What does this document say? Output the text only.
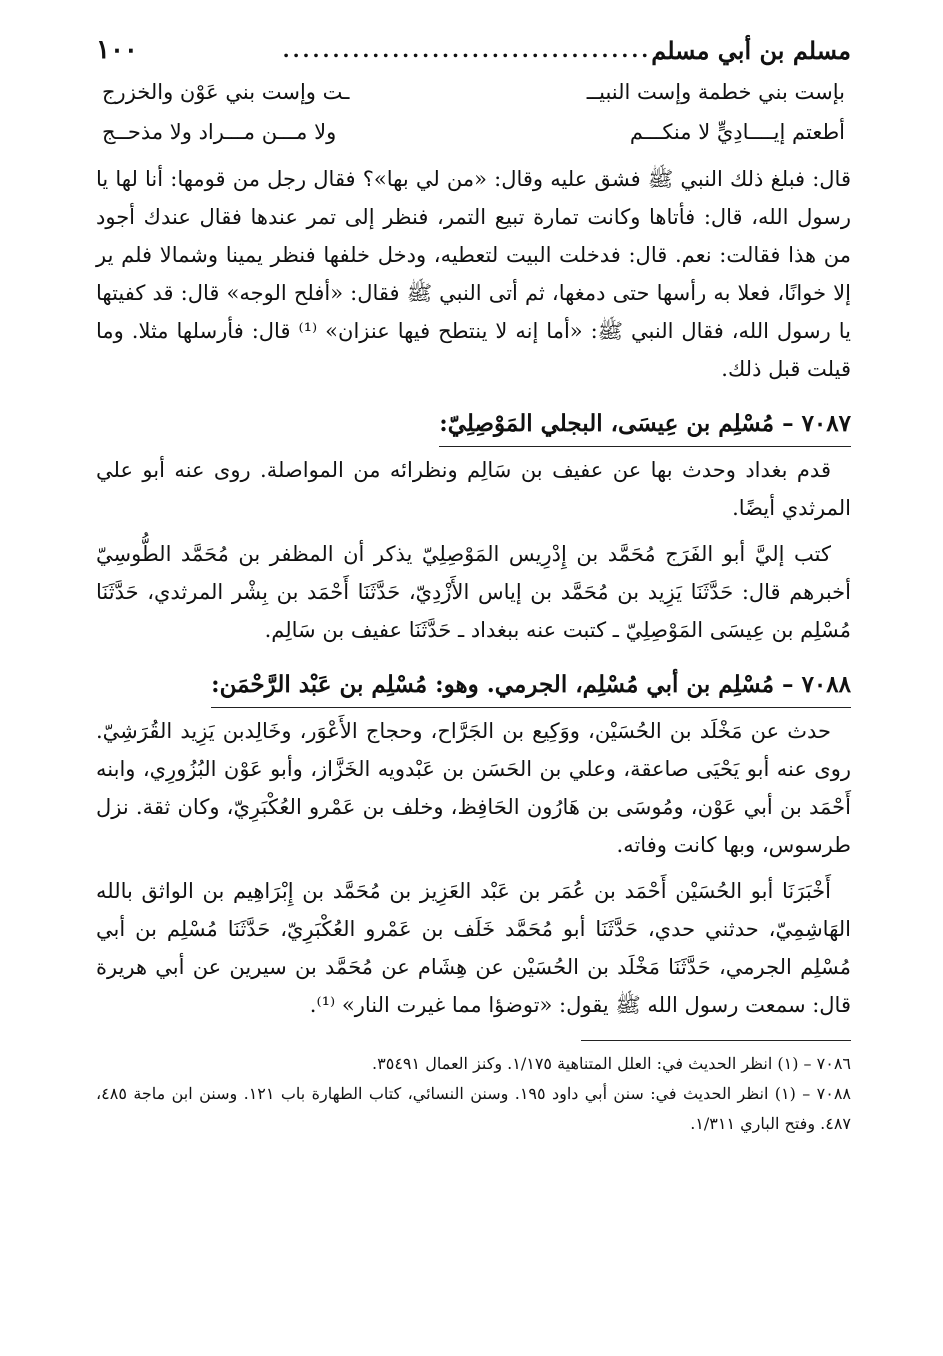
مسلم بن أبي مسلم
.....................................
١٠٠
بإست بني خطمة وإست النبيــ
ـت وإست بني عَوْن والخزرج
أطعتم إيــــادِيٍّ لا منكـــم
ولا مـــن مـــراد ولا مذحــج

قال: فبلغ ذلك النبي ﷺ فشق عليه وقال: «من لي بها»؟ فقال رجل من قومها: أنا لها يا رسول الله، قال: فأتاها وكانت تمارة تبيع التمر، فنظر إلى تمر عندها فقال عندك أجود من هذا فقالت: نعم. قال: فدخلت البيت لتعطيه، ودخل خلفها فنظر يمينا وشمالا فلم ير إلا خوانًا، فعلا به رأسها حتى دمغها، ثم أتى النبي ﷺ فقال: «أفلح الوجه» قال: قد كفيتها يا رسول الله، فقال النبي ﷺ: «أما إنه لا ينتطح فيها عنزان» ⁽¹⁾ قال: فأرسلها مثلا. وما قيلت قبل ذلك.

٧٠٨٧ – مُسْلِم بن عِيسَى، البجلي المَوْصِلِيّ:

قدم بغداد وحدث بها عن عفيف بن سَالِم ونظرائه من المواصلة. روى عنه أبو علي المرثدي أيضًا.

كتب إليَّ أبو الفَرَج مُحَمَّد بن إِدْرِيس المَوْصِلِيّ يذكر أن المظفر بن مُحَمَّد الطُّوسِيّ أخبرهم قال: حَدَّثَنَا يَزِيد بن مُحَمَّد بن إياس الأَزْدِيّ، حَدَّثَنَا أَحْمَد بن بِشْر المرثدي، حَدَّثَنَا مُسْلِم بن عِيسَى المَوْصِلِيّ ـ كتبت عنه ببغداد ـ حَدَّثَنَا عفيف بن سَالِم.

٧٠٨٨ – مُسْلِم بن أبي مُسْلِم، الجرمي. وهو: مُسْلِم بن عَبْد الرَّحْمَن:

حدث عن مَخْلَد بن الحُسَيْن، ووَكِيع بن الجَرَّاح، وحجاج الأَعْوَر، وخَالِدبن يَزِيد القُرَشِيّ. روى عنه أبو يَحْيَى صاعقة، وعلي بن الحَسَن بن عَبْدويه الخَزَّاز، وأبو عَوْن البُزُورِي، وابنه أَحْمَد بن أبي عَوْن، ومُوسَى بن هَارُون الحَافِظ، وخلف بن عَمْرو العُكْبَرِيّ، وكان ثقة. نزل طرسوس، وبها كانت وفاته.

أَخْبَرَنَا أبو الحُسَيْن أَحْمَد بن عُمَر بن عَبْد العَزِيز بن مُحَمَّد بن إِبْرَاهِيم بن الواثق بالله الهَاشِمِيّ، حدثني حدي، حَدَّثَنَا أبو مُحَمَّد خَلَف بن عَمْرو العُكْبَرِيّ، حَدَّثَنَا مُسْلِم بن أبي مُسْلِم الجرمي، حَدَّثَنَا مَخْلَد بن الحُسَيْن عن هِشَام عن مُحَمَّد بن سيرين عن أبي هريرة قال: سمعت رسول الله ﷺ يقول: «توضؤا مما غيرت النار» ⁽¹⁾.

٧٠٨٦ – (١) انظر الحديث في: العلل المتناهية ١/١٧٥. وكنز العمال ٣٥٤٩١.

٧٠٨٨ – (١) انظر الحديث في: سنن أبي داود ١٩٥. وسنن النسائي، كتاب الطهارة باب ١٢١. وسنن ابن ماجة ٤٨٥، ٤٨٧. وفتح الباري ١/٣١١.
